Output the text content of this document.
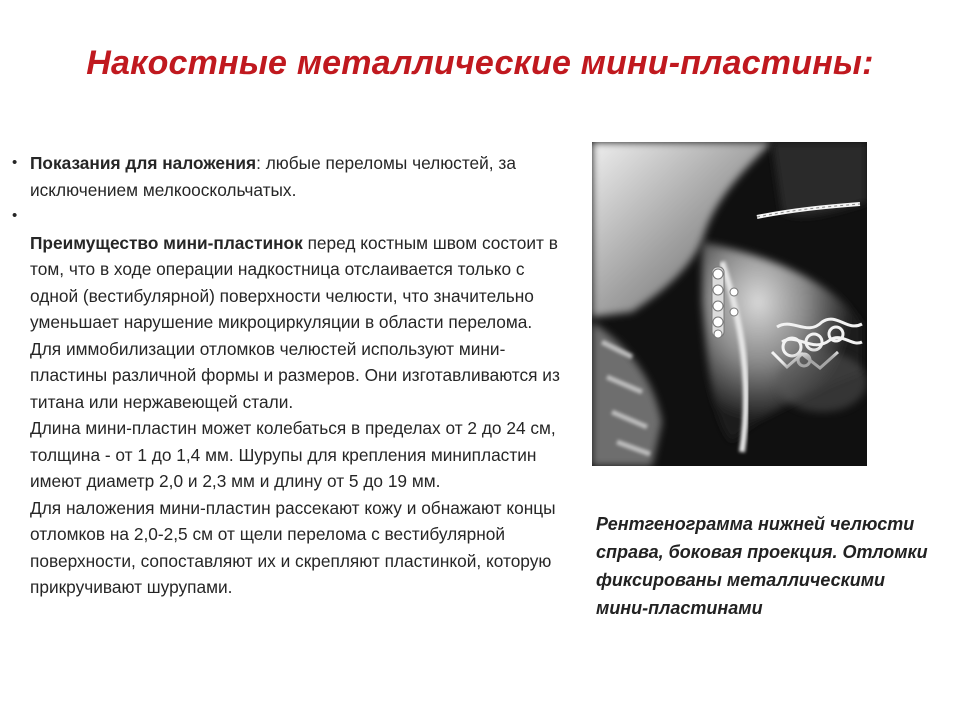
Накостные металлические мини-пластины:
• Показания для наложения: любые переломы челюстей, за исключением мелкооскольчатых.
•
Преимущество мини-пластинок перед костным швом состоит в том, что в ходе операции надкостница отслаивается только с одной (вестибулярной) поверхности челюсти, что значительно уменьшает нарушение микроциркуляции в области перелома.
Для иммобилизации отломков челюстей используют мини-пластины различной формы и размеров. Они изготавливаются из титана или нержавеющей стали.
Длина мини-пластин может колебаться в пределах от 2 до 24 см, толщина - от 1 до 1,4 мм. Шурупы для крепления минипластин имеют диаметр 2,0 и 2,3 мм и длину от 5 до 19 мм.
Для наложения мини-пластин рассекают кожу и обнажают концы отломков на 2,0-2,5 см от щели перелома с вестибулярной поверхности, сопоставляют их и скрепляют пластинкой, которую прикручивают шурупами.
Рентгенограмма нижней челюсти справа, боковая проекция. Отломки фиксированы металлическими мини-пластинами
